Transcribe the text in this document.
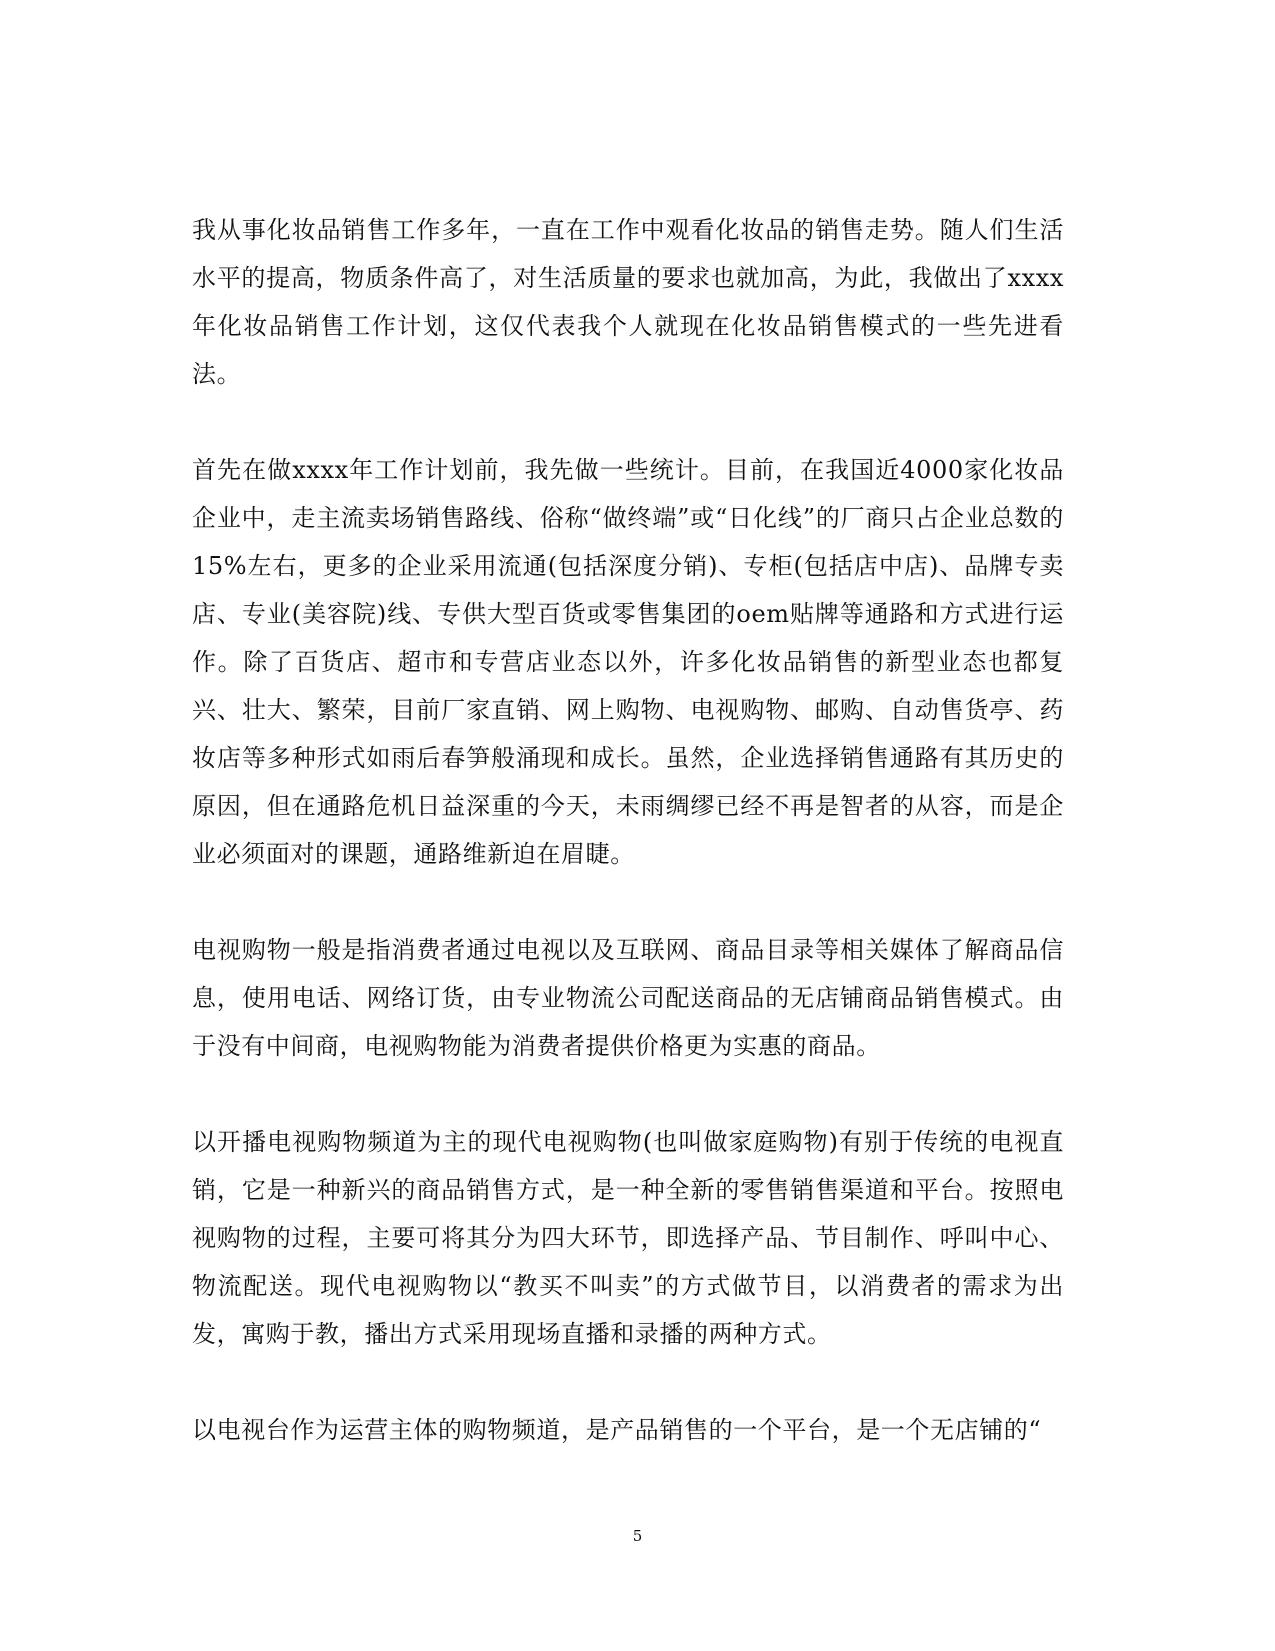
我从事化妆品销售工作多年，一直在工作中观看化妆品的销售走势。随人们生活水平的提高，物质条件高了，对生活质量的要求也就加高，为此，我做出了xxxx年化妆品销售工作计划，这仅代表我个人就现在化妆品销售模式的一些先进看法。

首先在做xxxx年工作计划前，我先做一些统计。目前，在我国近4000家化妆品企业中，走主流卖场销售路线、俗称“做终端”或“日化线”的厂商只占企业总数的15%左右，更多的企业采用流通(包括深度分销)、专柜(包括店中店)、品牌专卖店、专业(美容院)线、专供大型百货或零售集团的oem贴牌等通路和方式进行运作。除了百货店、超市和专营店业态以外，许多化妆品销售的新型业态也都复兴、壮大、繁荣，目前厂家直销、网上购物、电视购物、邮购、自动售货亭、药妆店等多种形式如雨后春笋般涌现和成长。虽然，企业选择销售通路有其历史的原因，但在通路危机日益深重的今天，未雨绸缪已经不再是智者的从容，而是企业必须面对的课题，通路维新迫在眉睫。

电视购物一般是指消费者通过电视以及互联网、商品目录等相关媒体了解商品信息，使用电话、网络订货，由专业物流公司配送商品的无店铺商品销售模式。由于没有中间商，电视购物能为消费者提供价格更为实惠的商品。

以开播电视购物频道为主的现代电视购物(也叫做家庭购物)有别于传统的电视直销，它是一种新兴的商品销售方式，是一种全新的零售销售渠道和平台。按照电视购物的过程，主要可将其分为四大环节，即选择产品、节目制作、呼叫中心、物流配送。现代电视购物以“教买不叫卖”的方式做节目，以消费者的需求为出发，寓购于教，播出方式采用现场直播和录播的两种方式。

以电视台作为运营主体的购物频道，是产品销售的一个平台，是一个无店铺的“

5
